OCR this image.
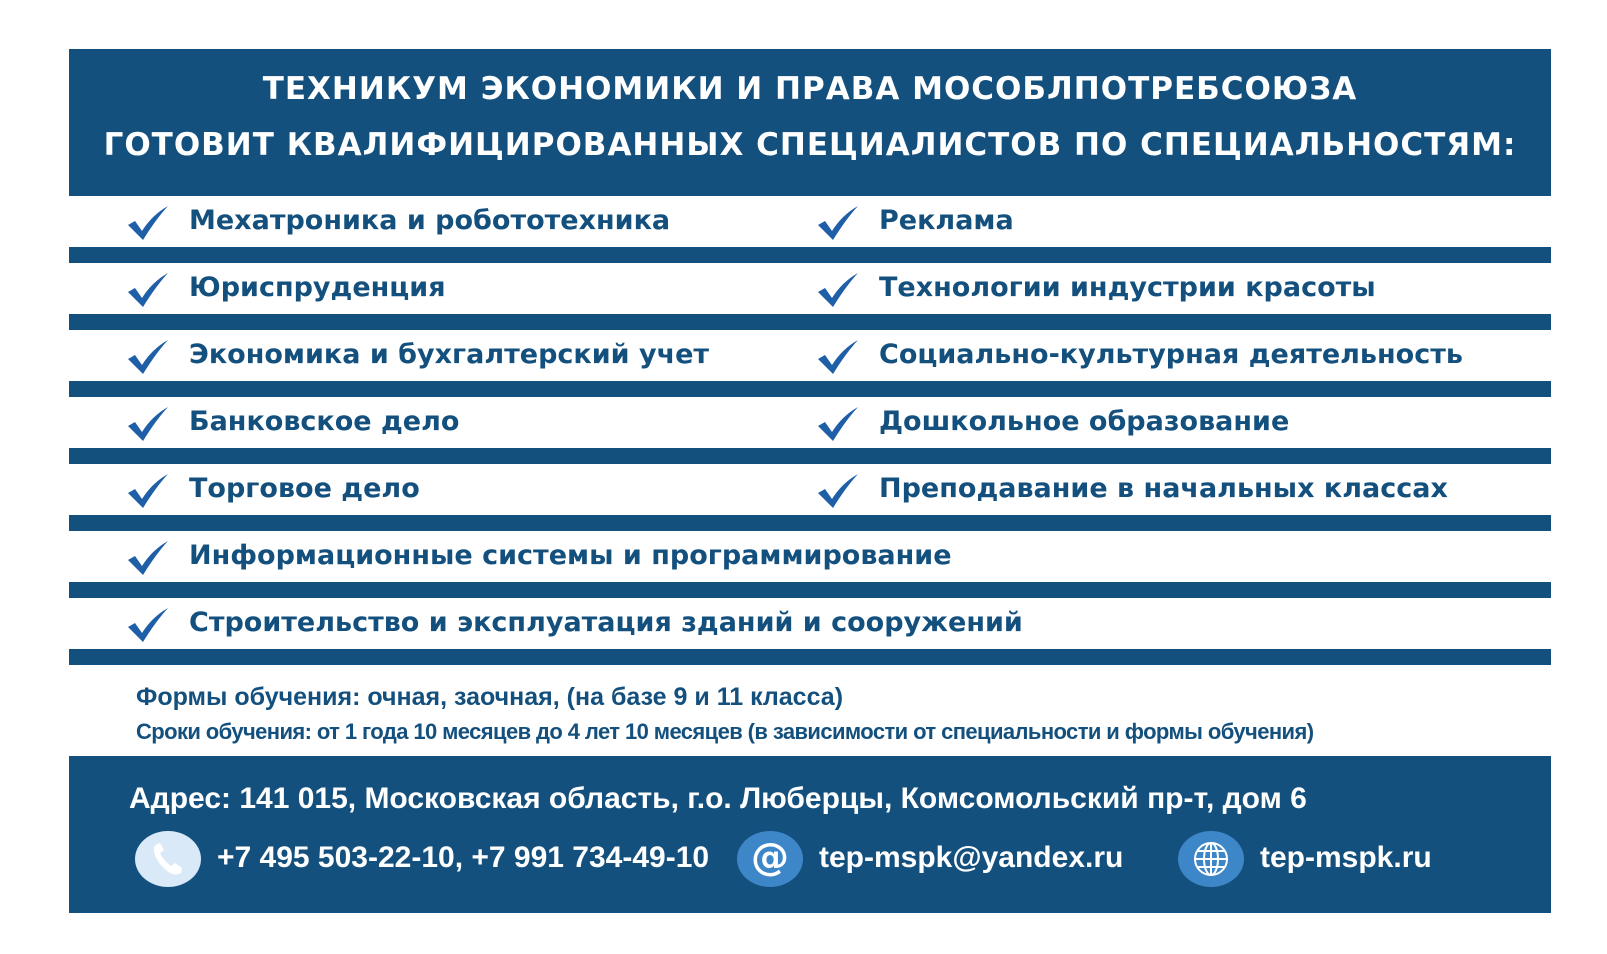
ТЕХНИКУМ ЭКОНОМИКИ И ПРАВА МОСОБЛПОТРЕБСОЮЗА
ГОТОВИТ КВАЛИФИЦИРОВАННЫХ СПЕЦИАЛИСТОВ ПО СПЕЦИАЛЬНОСТЯМ:
Мехатроника и робототехника	Реклама
Юриспруденция	Технологии индустрии красоты
Экономика и бухгалтерский учет	Социально-культурная деятельность
Банковское дело	Дошкольное образование
Торговое дело	Преподавание в начальных классах
Информационные системы и программирование
Строительство и эксплуатация зданий и сооружений
Формы обучения: очная, заочная, (на базе 9 и 11 класса)
Сроки обучения: от 1 года 10 месяцев до 4 лет 10 месяцев (в зависимости от специальности и формы обучения)
Адрес: 141 015, Московская область, г.о. Люберцы, Комсомольский пр-т, дом 6
+7 495 503-22-10, +7 991 734-49-10 @ tep-mspk@yandex.ru	tep-mspk.ru
